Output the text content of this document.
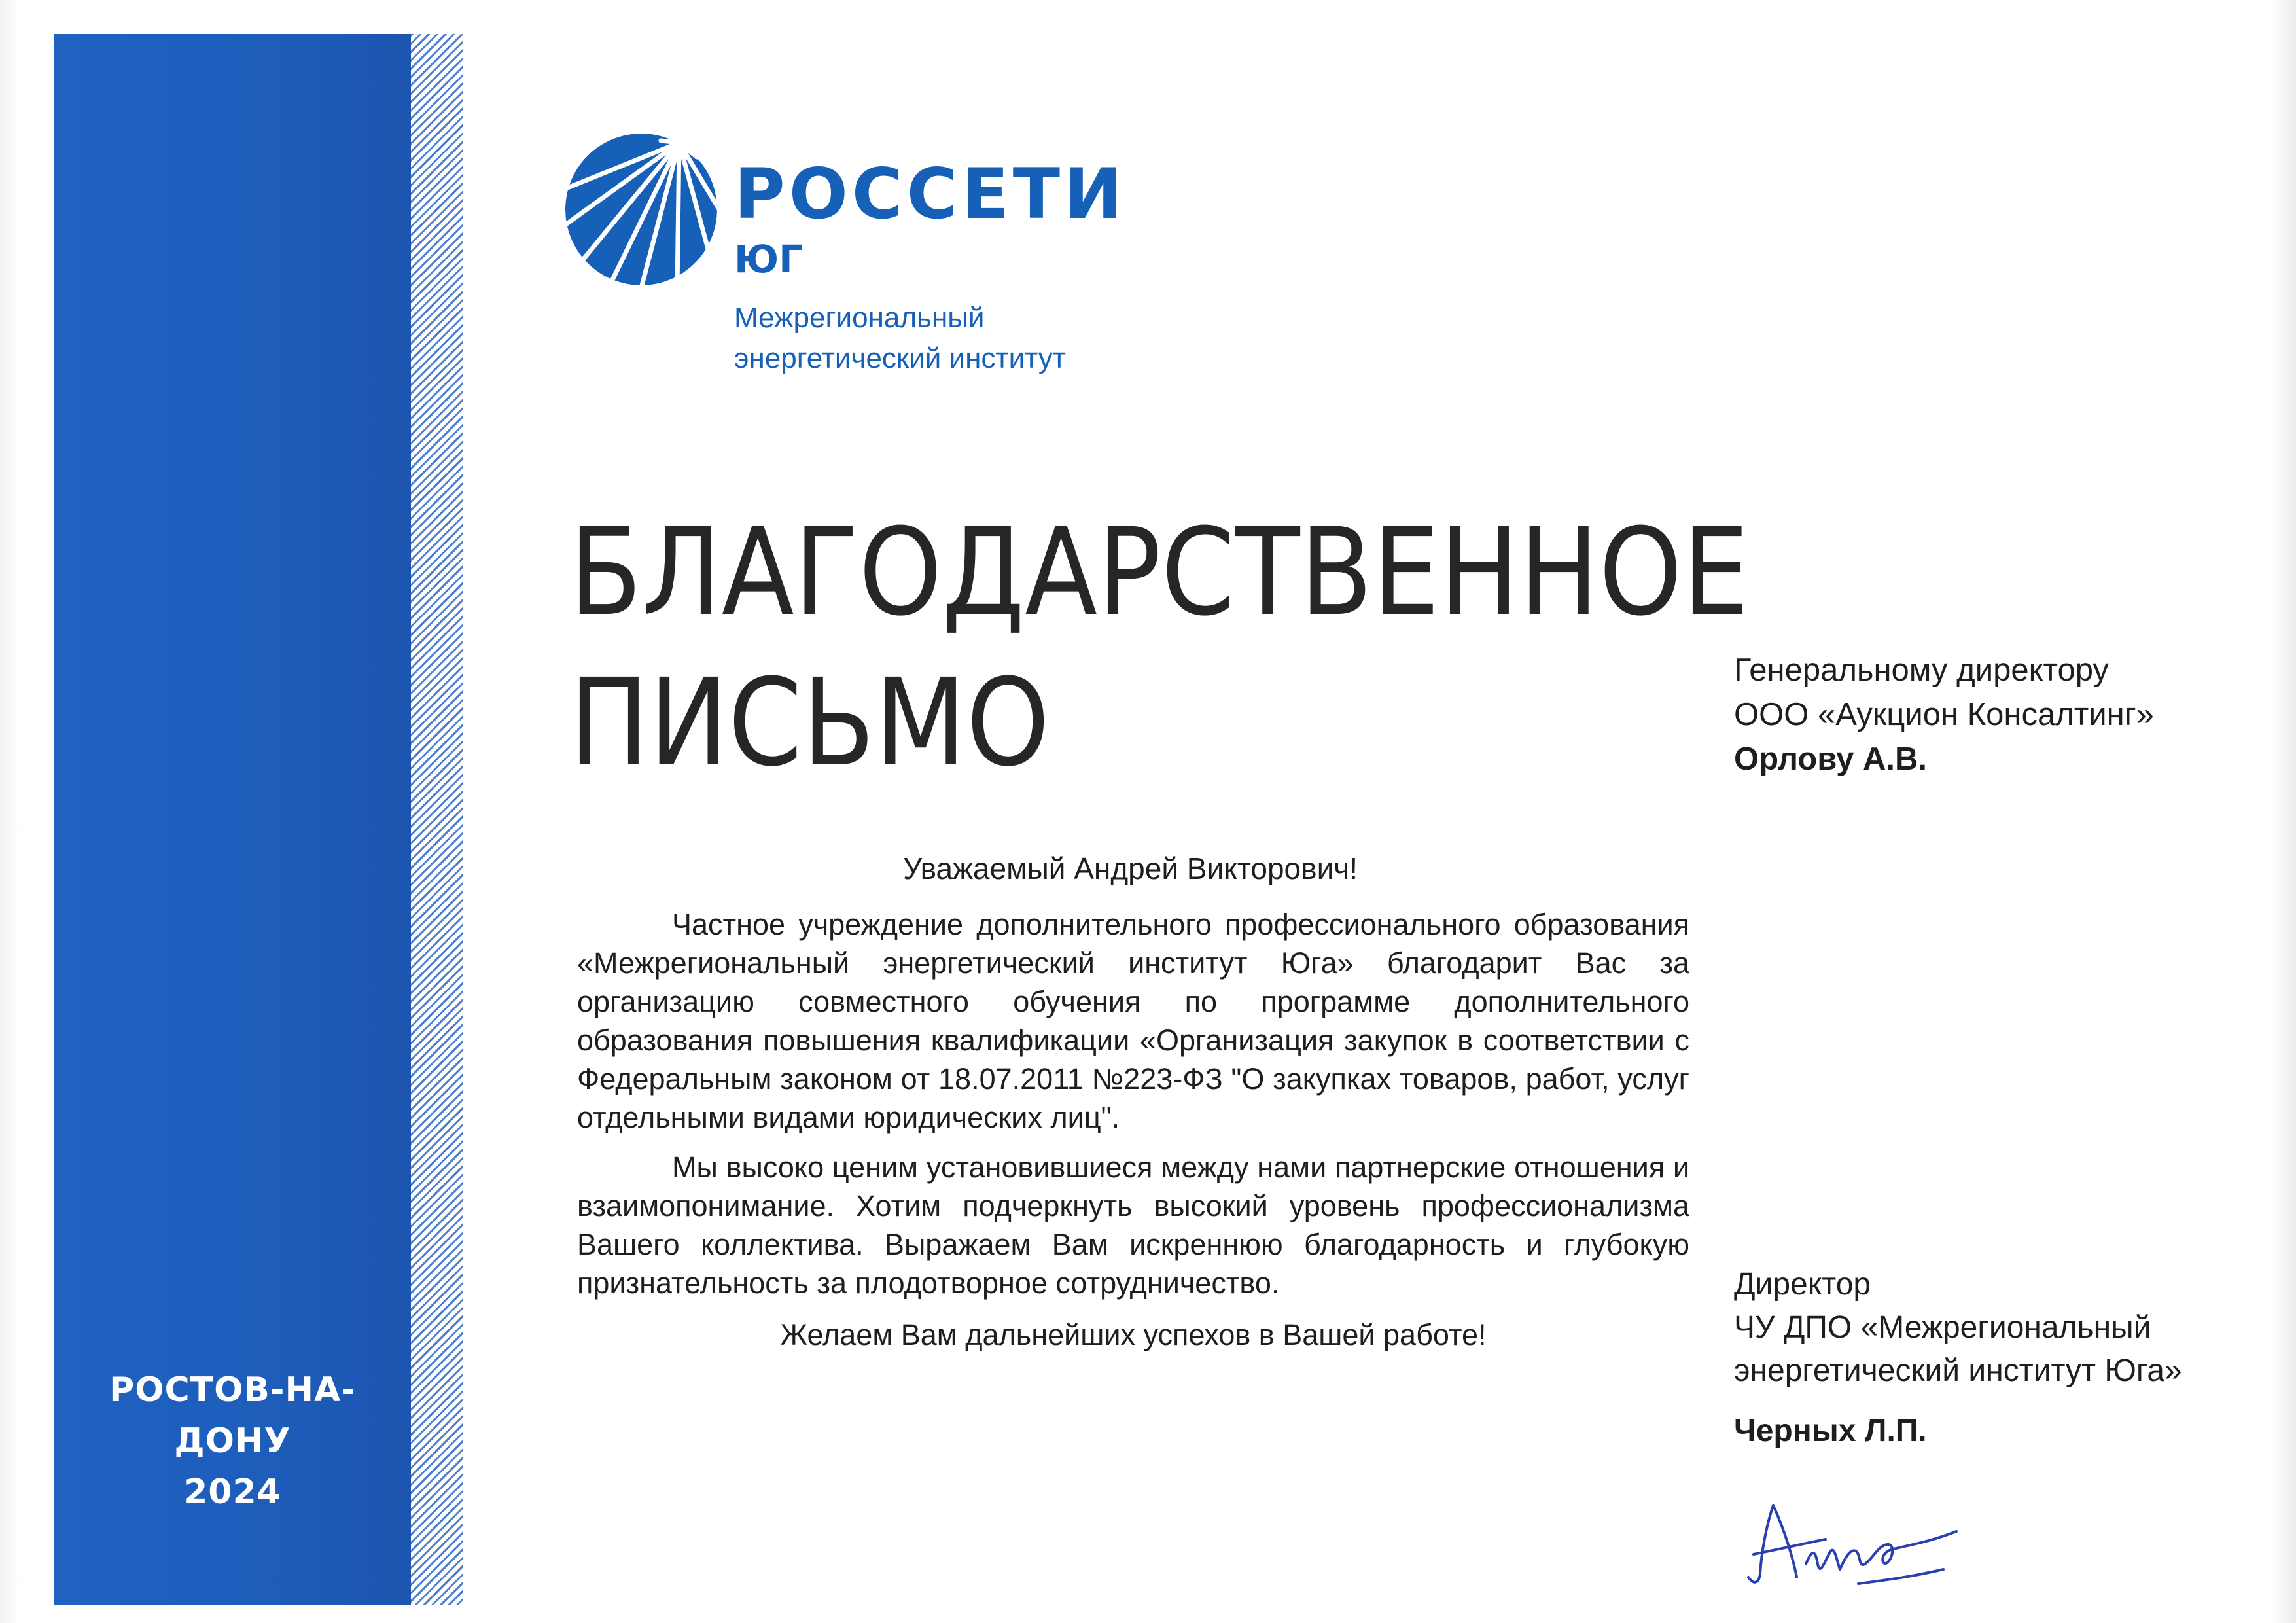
РОСТОВ-НА-ДОНУ
2024
РОССЕТИ
ЮГ
Межрегиональный
энергетический институт
БЛАГОДАРСТВЕННОЕ
ПИСЬМО	Генеральному директору
ООО «Аукцион Консалтинг»
Орлову А.В.
Уважаемый Андрей Викторович!

Частное учреждение дополнительного профессионального образования «Межрегиональный энергетический институт Юга» благодарит Вас за организацию совместного обучения по программе дополнительного образования повышения квалификации «Организация закупок в соответствии с Федеральным законом от 18.07.2011 №223-ФЗ "О закупках товаров, работ, услуг отдельными видами юридических лиц".

Мы высоко ценим установившиеся между нами партнерские отношения и взаимопонимание. Хотим подчеркнуть высокий уровень профессионализма Вашего коллектива. Выражаем Вам искреннюю благодарность и глубокую признательность за плодотворное сотрудничество.

Желаем Вам дальнейших успехов в Вашей работе!

Директор
ЧУ ДПО «Межрегиональный
энергетический институт Юга»
Черных Л.П.
